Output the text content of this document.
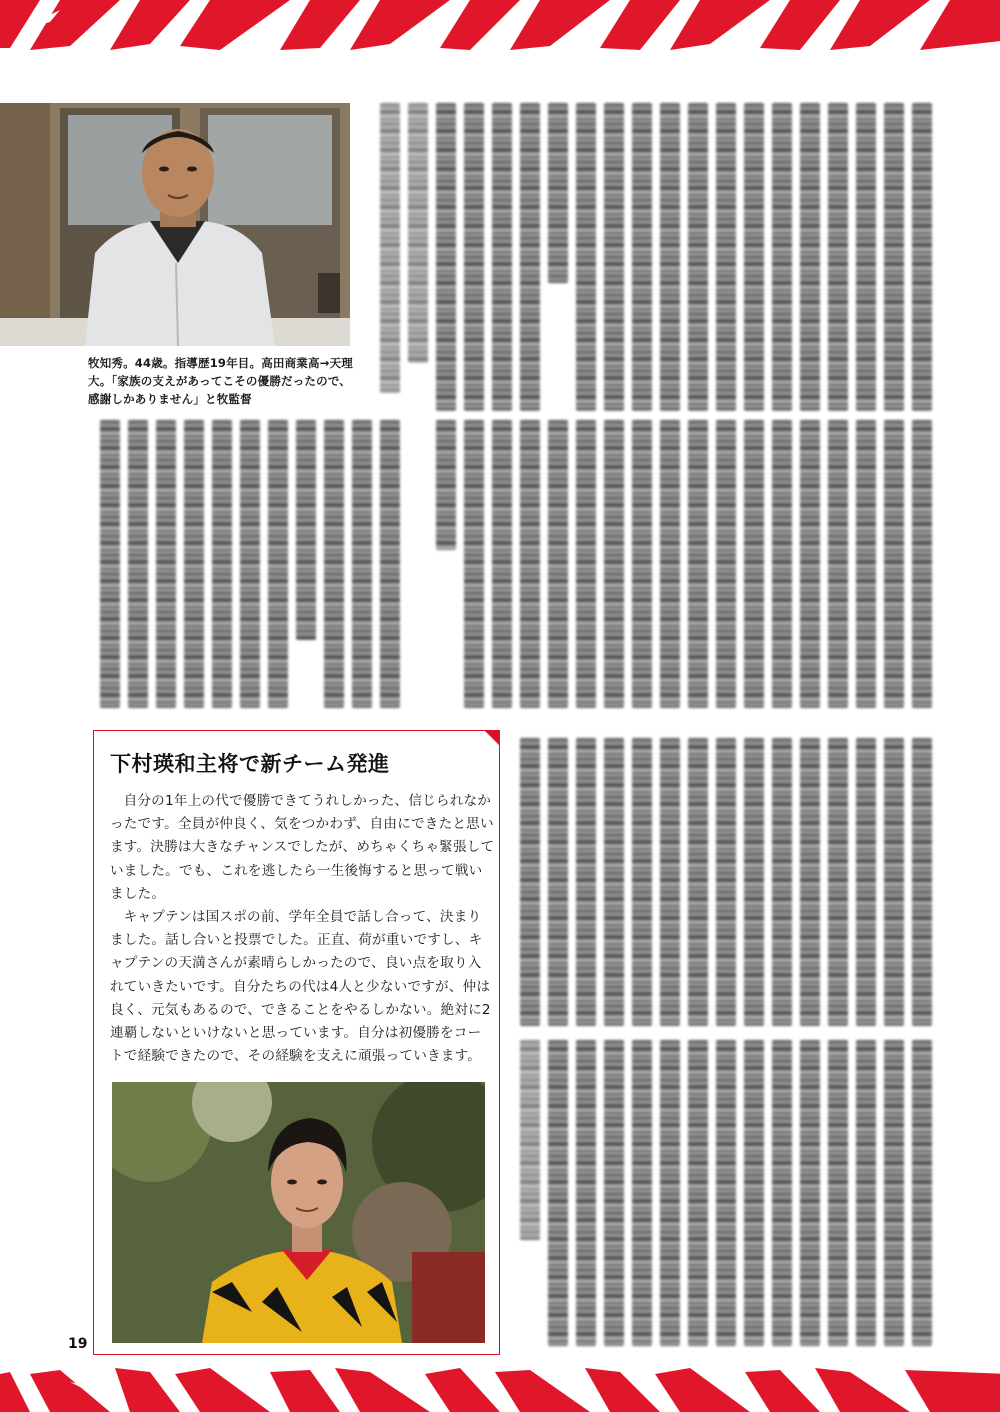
牧知秀。44歳。指導歴19年目。高田商業高→天理大。「家族の支えがあってこその優勝だったので、感謝しかありません」と牧監督
下村瑛和主将で新チーム発進

自分の1年上の代で優勝できてうれしかった、信じられなかったです。全員が仲良く、気をつかわず、自由にできたと思います。決勝は大きなチャンスでしたが、めちゃくちゃ緊張していました。でも、これを逃したら一生後悔すると思って戦いました。

キャプテンは国スポの前、学年全員で話し合って、決まりました。話し合いと投票でした。正直、荷が重いですし、キャプテンの天満さんが素晴らしかったので、良い点を取り入れていきたいです。自分たちの代は4人と少ないですが、仲は良く、元気もあるので、できることをやるしかない。絶対に2連覇しないといけないと思っています。自分は初優勝をコートで経験できたので、その経験を支えに頑張っていきます。

19
